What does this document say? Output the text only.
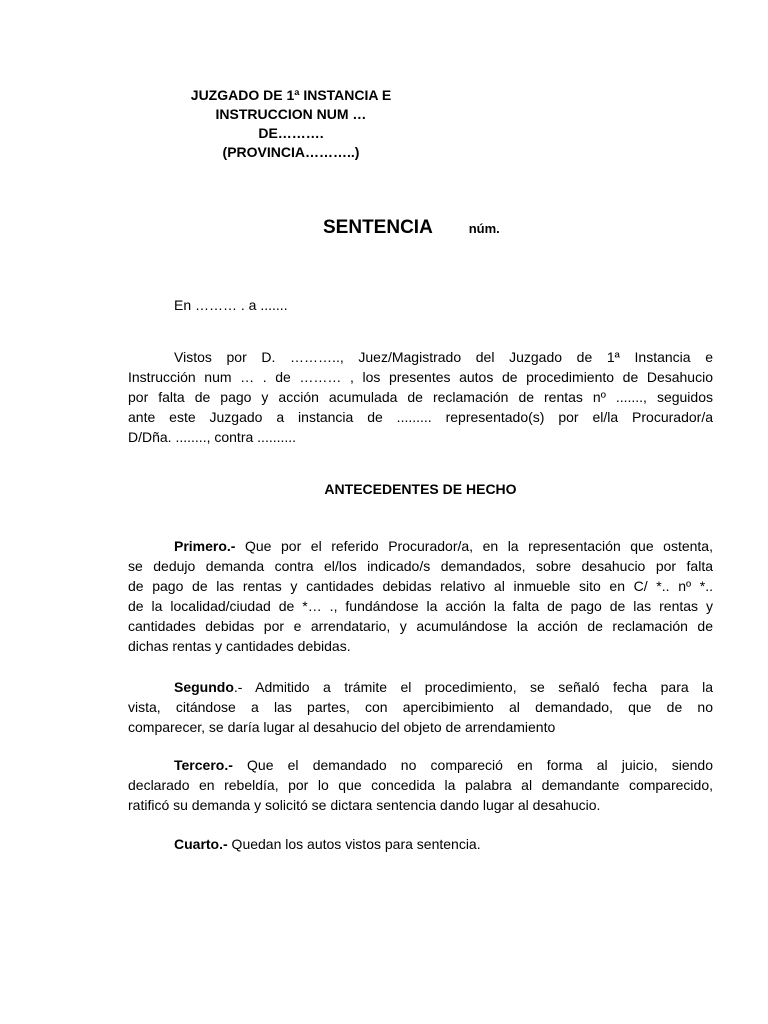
JUZGADO DE 1ª INSTANCIA E
INSTRUCCION NUM …
DE……….
(PROVINCIA………..)
SENTENCIA	núm.
En ……… . a .......
Vistos por D. ……….., Juez/Magistrado del Juzgado de 1ª Instancia e
Instrucción num … . de ……… , los presentes autos de procedimiento de Desahucio
por falta de pago y acción acumulada de reclamación de rentas nº ......., seguidos
ante este Juzgado a instancia de ......... representado(s) por el/la Procurador/a
D/Dña. ........, contra ..........
ANTECEDENTES DE HECHO
Primero.- Que por el referido Procurador/a, en la representación que ostenta,
se dedujo demanda contra el/los indicado/s demandados, sobre desahucio por falta
de pago de las rentas y cantidades debidas relativo al inmueble sito en C/ *.. nº *..
de la localidad/ciudad de *… ., fundándose la acción la falta de pago de las rentas y
cantidades debidas por e arrendatario, y acumulándose la acción de reclamación de
dichas rentas y cantidades debidas.
Segundo.- Admitido a trámite el procedimiento, se señaló fecha para la
vista, citándose a las partes, con apercibimiento al demandado, que de no
comparecer, se daría lugar al desahucio del objeto de arrendamiento
Tercero.- Que el demandado no compareció en forma al juicio, siendo
declarado en rebeldía, por lo que concedida la palabra al demandante comparecido,
ratificó su demanda y solicitó se dictara sentencia dando lugar al desahucio.
Cuarto.- Quedan los autos vistos para sentencia.
